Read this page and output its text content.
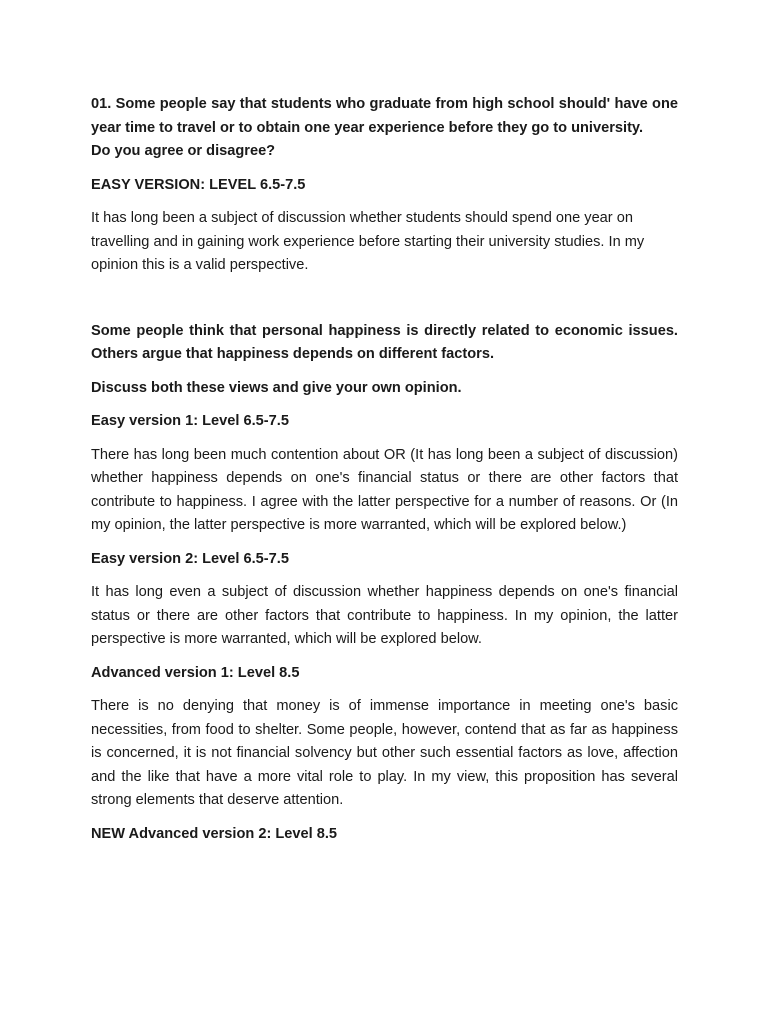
01. Some people say that students who graduate from high school should' have one year time to travel or to obtain one year experience before they go to university.

Do you agree or disagree?

EASY VERSION: LEVEL 6.5-7.5

It has long been a subject of discussion whether students should spend one year on travelling and in gaining work experience before starting their university studies. In my opinion this is a valid perspective.

Some people think that personal happiness is directly related to economic issues. Others argue that happiness depends on different factors.

Discuss both these views and give your own opinion.

Easy version 1: Level 6.5-7.5

There has long been much contention about OR (It has long been a subject of discussion) whether happiness depends on one's financial status or there are other factors that contribute to happiness. I agree with the latter perspective for a number of reasons. Or (In my opinion, the latter perspective is more warranted, which will be explored below.)

Easy version 2: Level 6.5-7.5

It has long even a subject of discussion whether happiness depends on one's financial status or there are other factors that contribute to happiness. In my opinion, the latter perspective is more warranted, which will be explored below.

Advanced version 1: Level 8.5

There is no denying that money is of immense importance in meeting one's basic necessities, from food to shelter. Some people, however, contend that as far as happiness is concerned, it is not financial solvency but other such essential factors as love, affection and the like that have a more vital role to play. In my view, this proposition has several strong elements that deserve attention.

NEW Advanced version 2: Level 8.5
